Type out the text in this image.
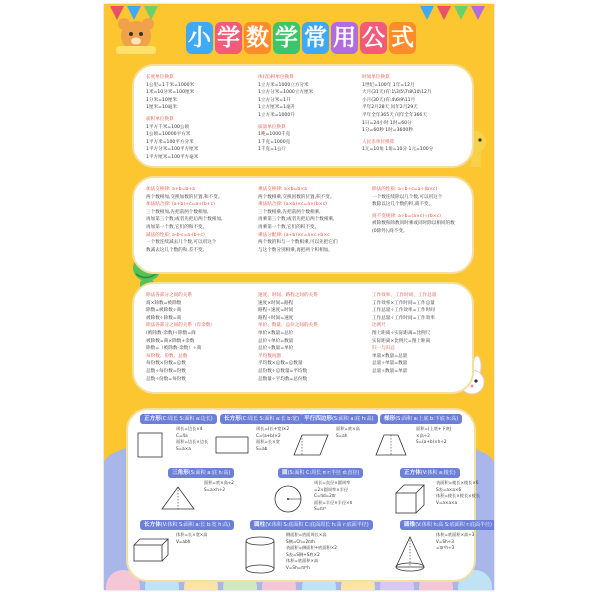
小 学 数 学 常 用 公 式
长度单位换算
1公里=1千米=1000米
1米=10分米=100厘米
1分米=10厘米
1厘米=10毫米
面积单位换算
1平方千米=100公顷
1公顷=10000平方米
1平方米=100平方分米
1平方分米=100平方厘米
1平方厘米=100平方毫米
体(容)积单位换算
1立方米=1000立方分米
1立方分米=1000立方厘米
1立方分米=1升
1立方厘米=1毫升
1立方米=1000升
质量单位换算
1吨=1000千克
1千克=1000克
1千克=1公斤
时间单位换算
1世纪=100年 1年=12月
大月(31天)有:1\3\5\7\8\10\12月
小月(30天)有:4\6\9\11月
平年2月28天 闰年2月29天
平年全年365天 闰年全年366天
1日=24小时 1时=60分
1分=60秒 1时=3600秒
人民币单位换算
1元=10角 1角=10分 1元=100分
加法交换律: a+b=b+a
两个数相加,交换加数的位置,和不变。
加法结合律: (a+b)+c=a+(b+c)
三个数相加,先把前两个数相加,
再加第三个数;或者先把后两个数相加,
再加第一个数,它们的和不变。
减法的性质: a-b-c=a-(b+c)
一个数连续减去几个数,可以用这个
数减去这几个数的和,差不变。
乘法交换律: a×b=b×a
两个数相乘,交换因数的位置,积不变。
乘法结合律: (a×b)×c=a×(b×c)
三个数相乘,先把前两个数相乘,
再乘第三个数;或者先把后两个数相乘,
再乘第一个数,它们的积不变。
乘法分配律: (a+b)×c=a×c+b×c
两个数的和与一个数相乘,可以先把它们
与这个数分别相乘,再把两个积相加。
除法的性质: a÷b÷c=a÷(b×c)
一个数连续除以几个数,可以用这个
数除以这几个数的积,商不变。
商不变规律: a÷b=(a×c)÷(b×c)
被除数和除数同时乘或同时除以相同的数
(0除外),商不变。
除法各部分之间的关系
商×除数=被除数
除数=被除数÷商
被除数÷除数=商
除法各部分之间的关系（有余数）
(被除数-余数)÷除数=商
被除数=商×除数+余数
除数=（被除数-余数）÷商
每份数、份数、总数
每份数×份数=总数
总数÷每份数=份数
总数÷份数=每份数
速度、时间、路程之间的关系
速度×时间=路程
路程÷速度=时间
路程÷时间=速度
单价、数量、总价之间的关系
单价×数量=总价
总价÷单价=数量
总价÷数量=单价
平均数问题
平均数×总数=总数量
总份数÷总数量=平均数
总数量÷平均数=总份数
工作效率、工作时间、工作总量
工作效率×工作时间=工作总量
工作总量÷工作效率=工作时间
工作总量÷工作时间=工作效率
比例尺
图上距离÷实际距离=比例尺
实际距离×比例尺=图上距离
归一与归总
单量×数量=总量
总量÷单量=数量
总量÷数量=单量
正方形(C:周长 S:面积 a:边长)
周长=边长×4
C=4a
面积=边长×边长
S=a×a
长方形(C:周长 S:面积 a:长 b:宽)
周长=(长+宽)×2
C=(a+b)×2
面积=长×宽
S=ab
平行四边形(S:面积 a:底 h:高)
面积=底×高
S=ah
梯形(S:面积 a:上底 b:下底 h:高)
面积=(上底+下底)
×高÷2
S=(a+b)×h÷2
三角形(S:面积 a:底 h:高)
面积=底×高÷2
S=a×h÷2
圆(S:面积 C:周长 π r:半径 d:直径)
周长=直径×圆周率
=2×圆周率×半径
C=πd=2πr
面积=半径×半径×π
S=πr²
正方体(V:体积 a:棱长)
表面积=棱长×棱长×6
S表=a×a×6
体积=棱长×棱长×棱长
V=a×a×a
长方体(V:体积 S:面积 a:长 b:宽 h:高)
体积=长×宽×高
V=abh
圆柱(V:体积 S:底面积 C:底面周长 h:高 r:底面半径)
侧面积=底面周长×高
S侧=Ch=2πrh
表面积=侧面积+底面积×2
S表=S侧+S底×2
体积=底面积×高
V=Sh=πr²h
圆锥(V:体积 h:高 S:底面积 r:底面半径)
体积=底面积×高÷3
V=Sh÷3
=πr²h÷3
